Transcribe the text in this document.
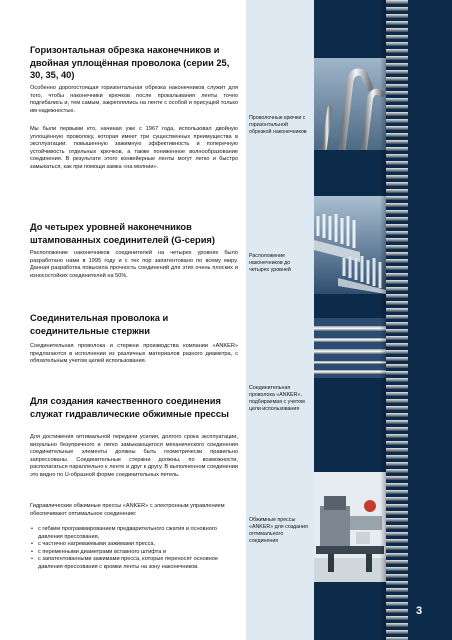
Горизонтальная обрезка наконечников и двойная уплощённая проволока (серии 25, 30, 35, 40)

Особенно дорогостоящая горизонтальная обрезка наконечников служит для того, чтобы наконечники крючков после прокалывания ленты точно подгибались и, тем самым, закреплялись на ленте с особой и присущей только им надежностью.

Мы были первыми кто, начиная уже с 1967 года, использовал двойную уплощённую проволоку, которая имеет три существенных преимущества в эксплуатации: повышенную зажимную эффективность и поперечную устойчивость отдельных крючков, а также пониженное волнообразование соединения. В результате этого конвейерные ленты могут легко и быстро замыкаться, как при помощи замка «на молнии».

Проволочные крючки с горизонтальной обрезкой наконечников

До четырех уровней наконечников штампованных соединителей (G-серия)

Расположение наконечников соединителей на четырех уровнях было разработано нами в 1995 году и с тех пор запатентовано по всему миру. Данная разработка повысила прочность соединений для этих очень плоских и износостойких соединителей на 50%.

Расположение наконечников до четырех уровней

Соединительная проволока и соединительные стержни

Соединительная проволока и стержни производства компании «ANKER» предлагаются в исполнении из различных материалов разного диаметра, с обязательным учетом целей использования.

Соединительная проволока «ANKER», подбираемая с учетом цели использования

Для создания качественного соединения служат гидравлические обжимные прессы

Для достижения оптимальной передачи усилия, долгого срока эксплуатации, визуально безупречного и легко замыкающегося механического соединения соединительные элементы должны быть геометрически правильно запрессованы. Соединительные стержни должны, по возможности, располагаться параллельно к ленте и друг к другу. В выполненном соединении это видно по U-образной форме соединительных петель.

Гидравлические обжимные прессы «ANKER» с электронным управлением обеспечивают оптимальное соединение:

• с гибким программированием предварительного сжатия и основного давления прессования,
• с частично нагреваемыми зажимами пресса,
• с переменными диаметрами вставного штифта и
• с запатентованными зажимами пресса, которые переносят основное давления прессования с кромки ленты на зону наконечников.

Обжимные прессы «ANKER» для создания оптимального соединения

3
